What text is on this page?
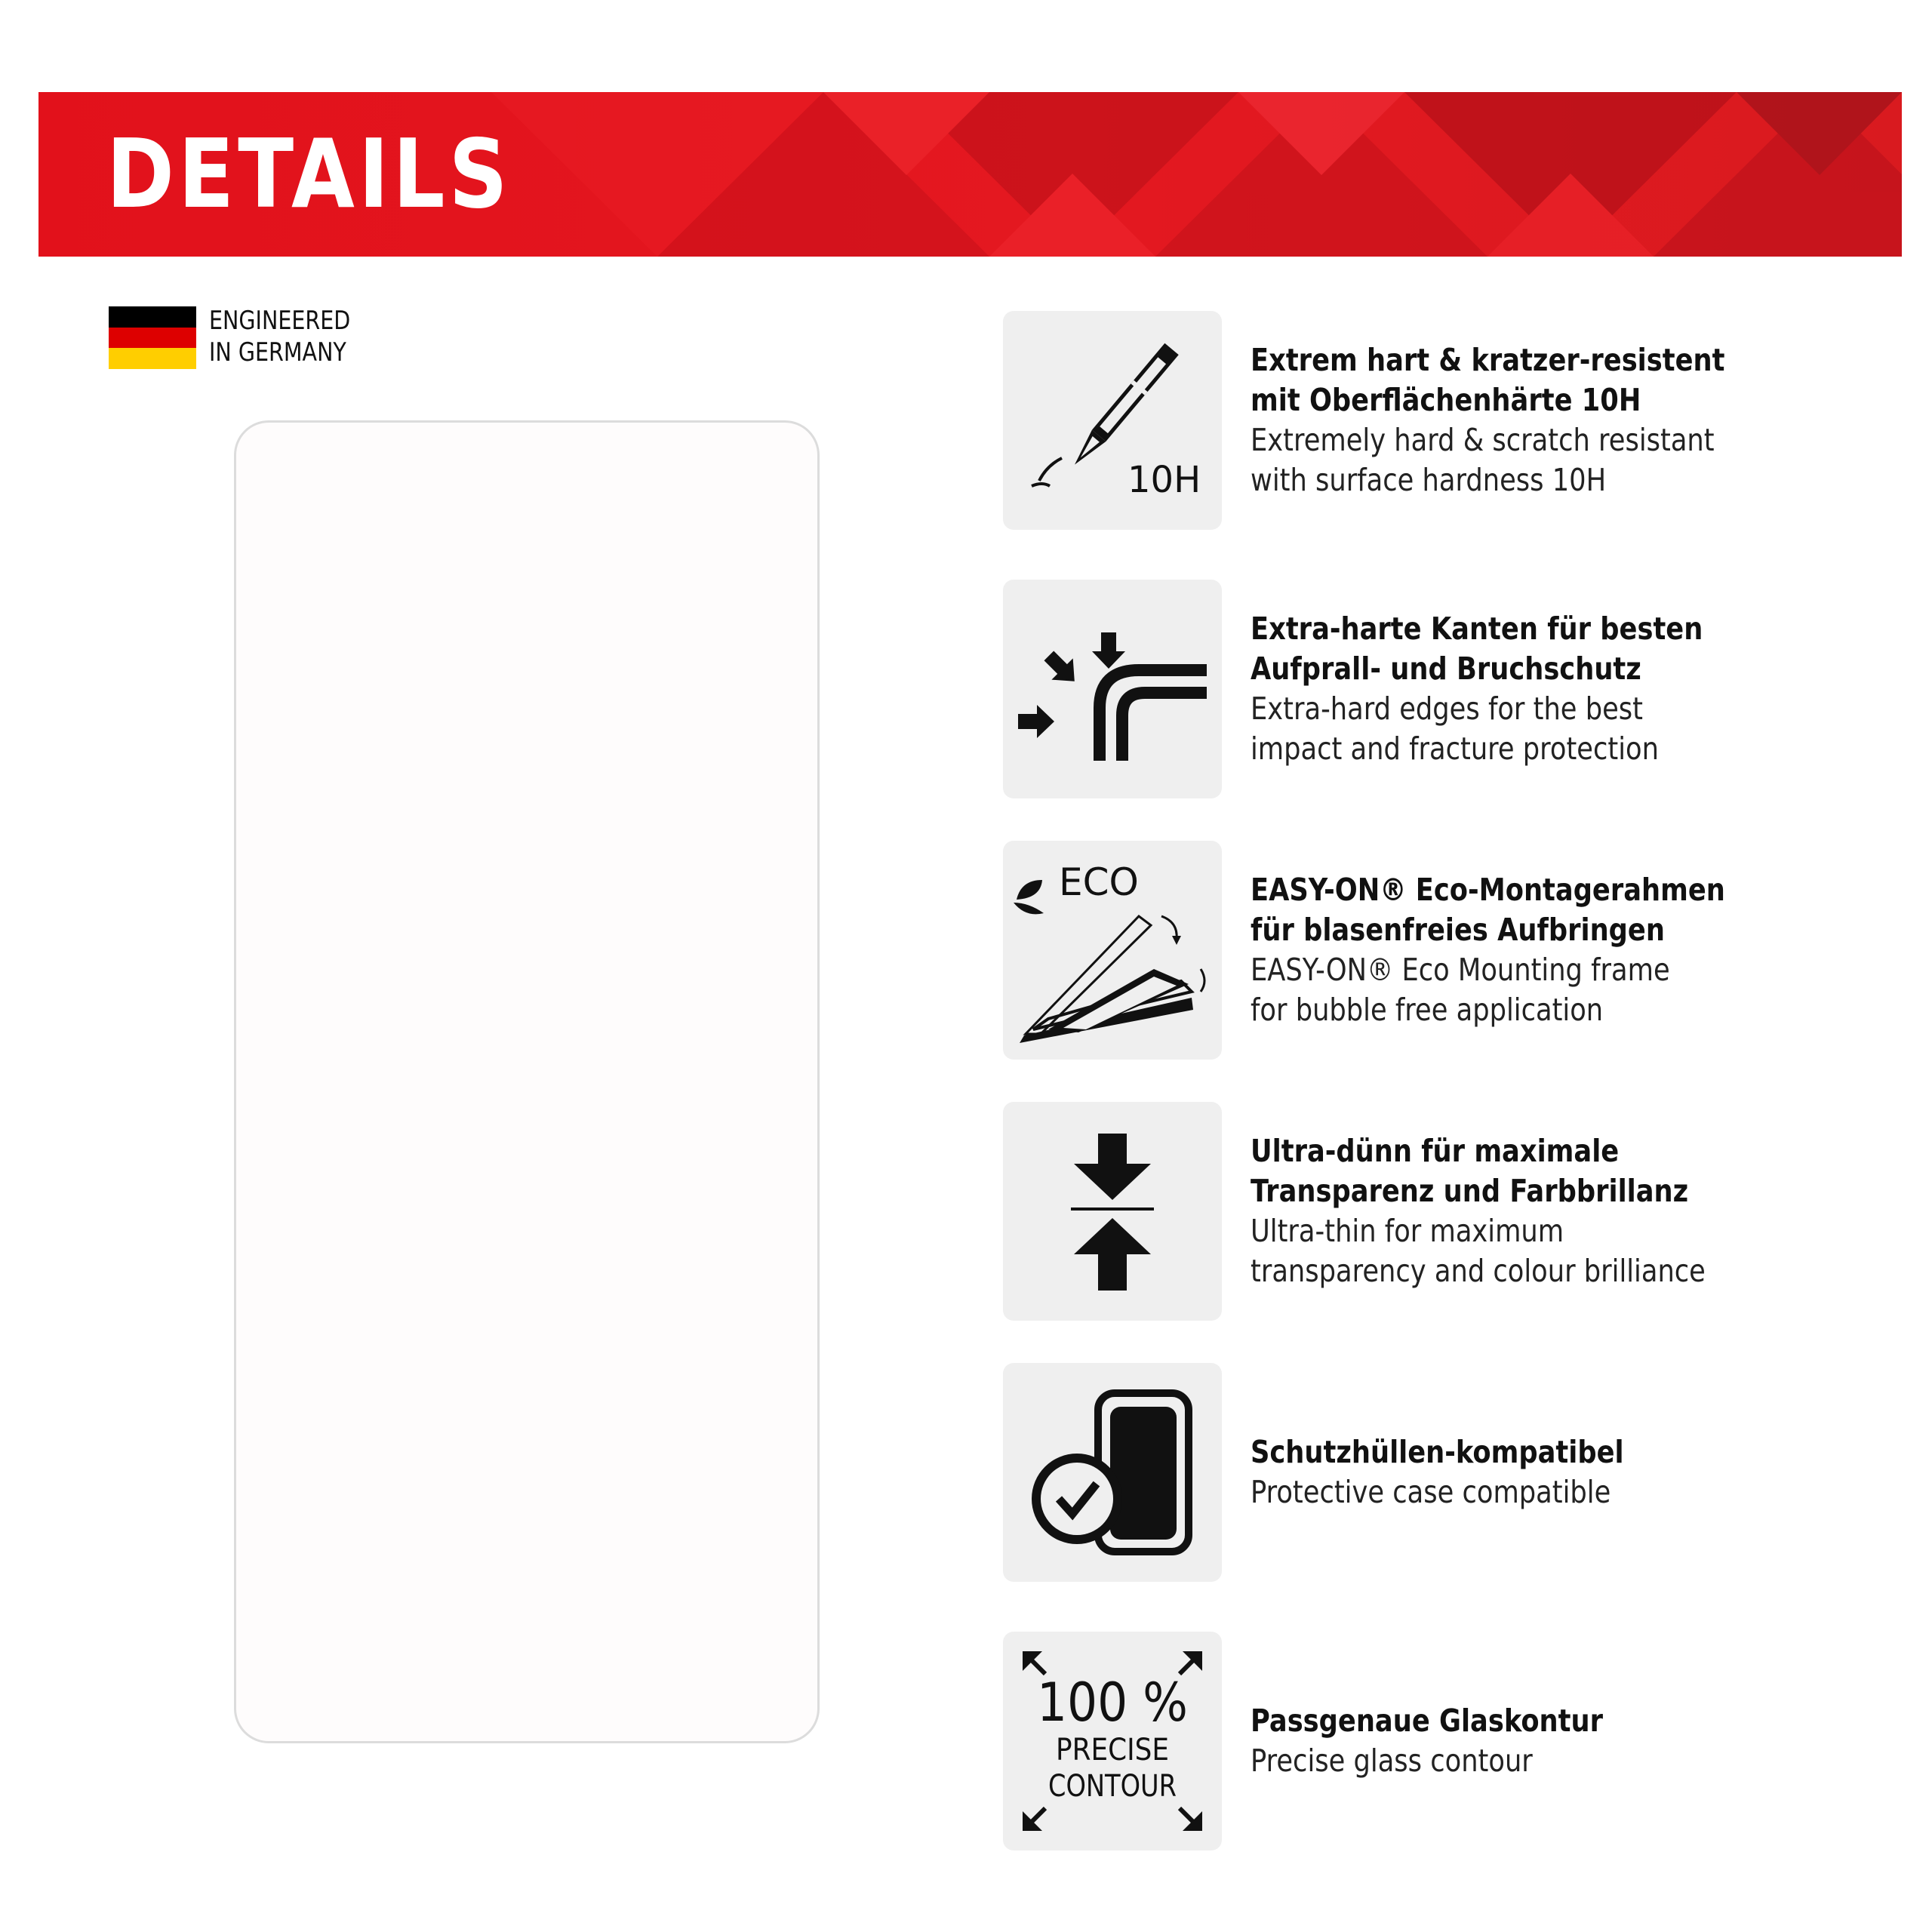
DETAILS
ENGINEERED
IN GERMANY
10H
Extrem hart & kratzer-resistent
mit Oberflächenhärte 10H
Extremely hard & scratch resistant
with surface hardness 10H
Extra-harte Kanten für besten
Aufprall- und Bruchschutz
Extra-hard edges for the best
impact and fracture protection
ECO	EASY-ON® Eco-Montagerahmen
für blasenfreies Aufbringen
EASY-ON® Eco Mounting frame
for bubble free application
Ultra-dünn für maximale
Transparenz und Farbbrillanz
Ultra-thin for maximum
transparency and colour brilliance
Schutzhüllen-kompatibel
Protective case compatible
100 %
PRECISE
CONTOUR
Passgenaue Glaskontur
Precise glass contour
